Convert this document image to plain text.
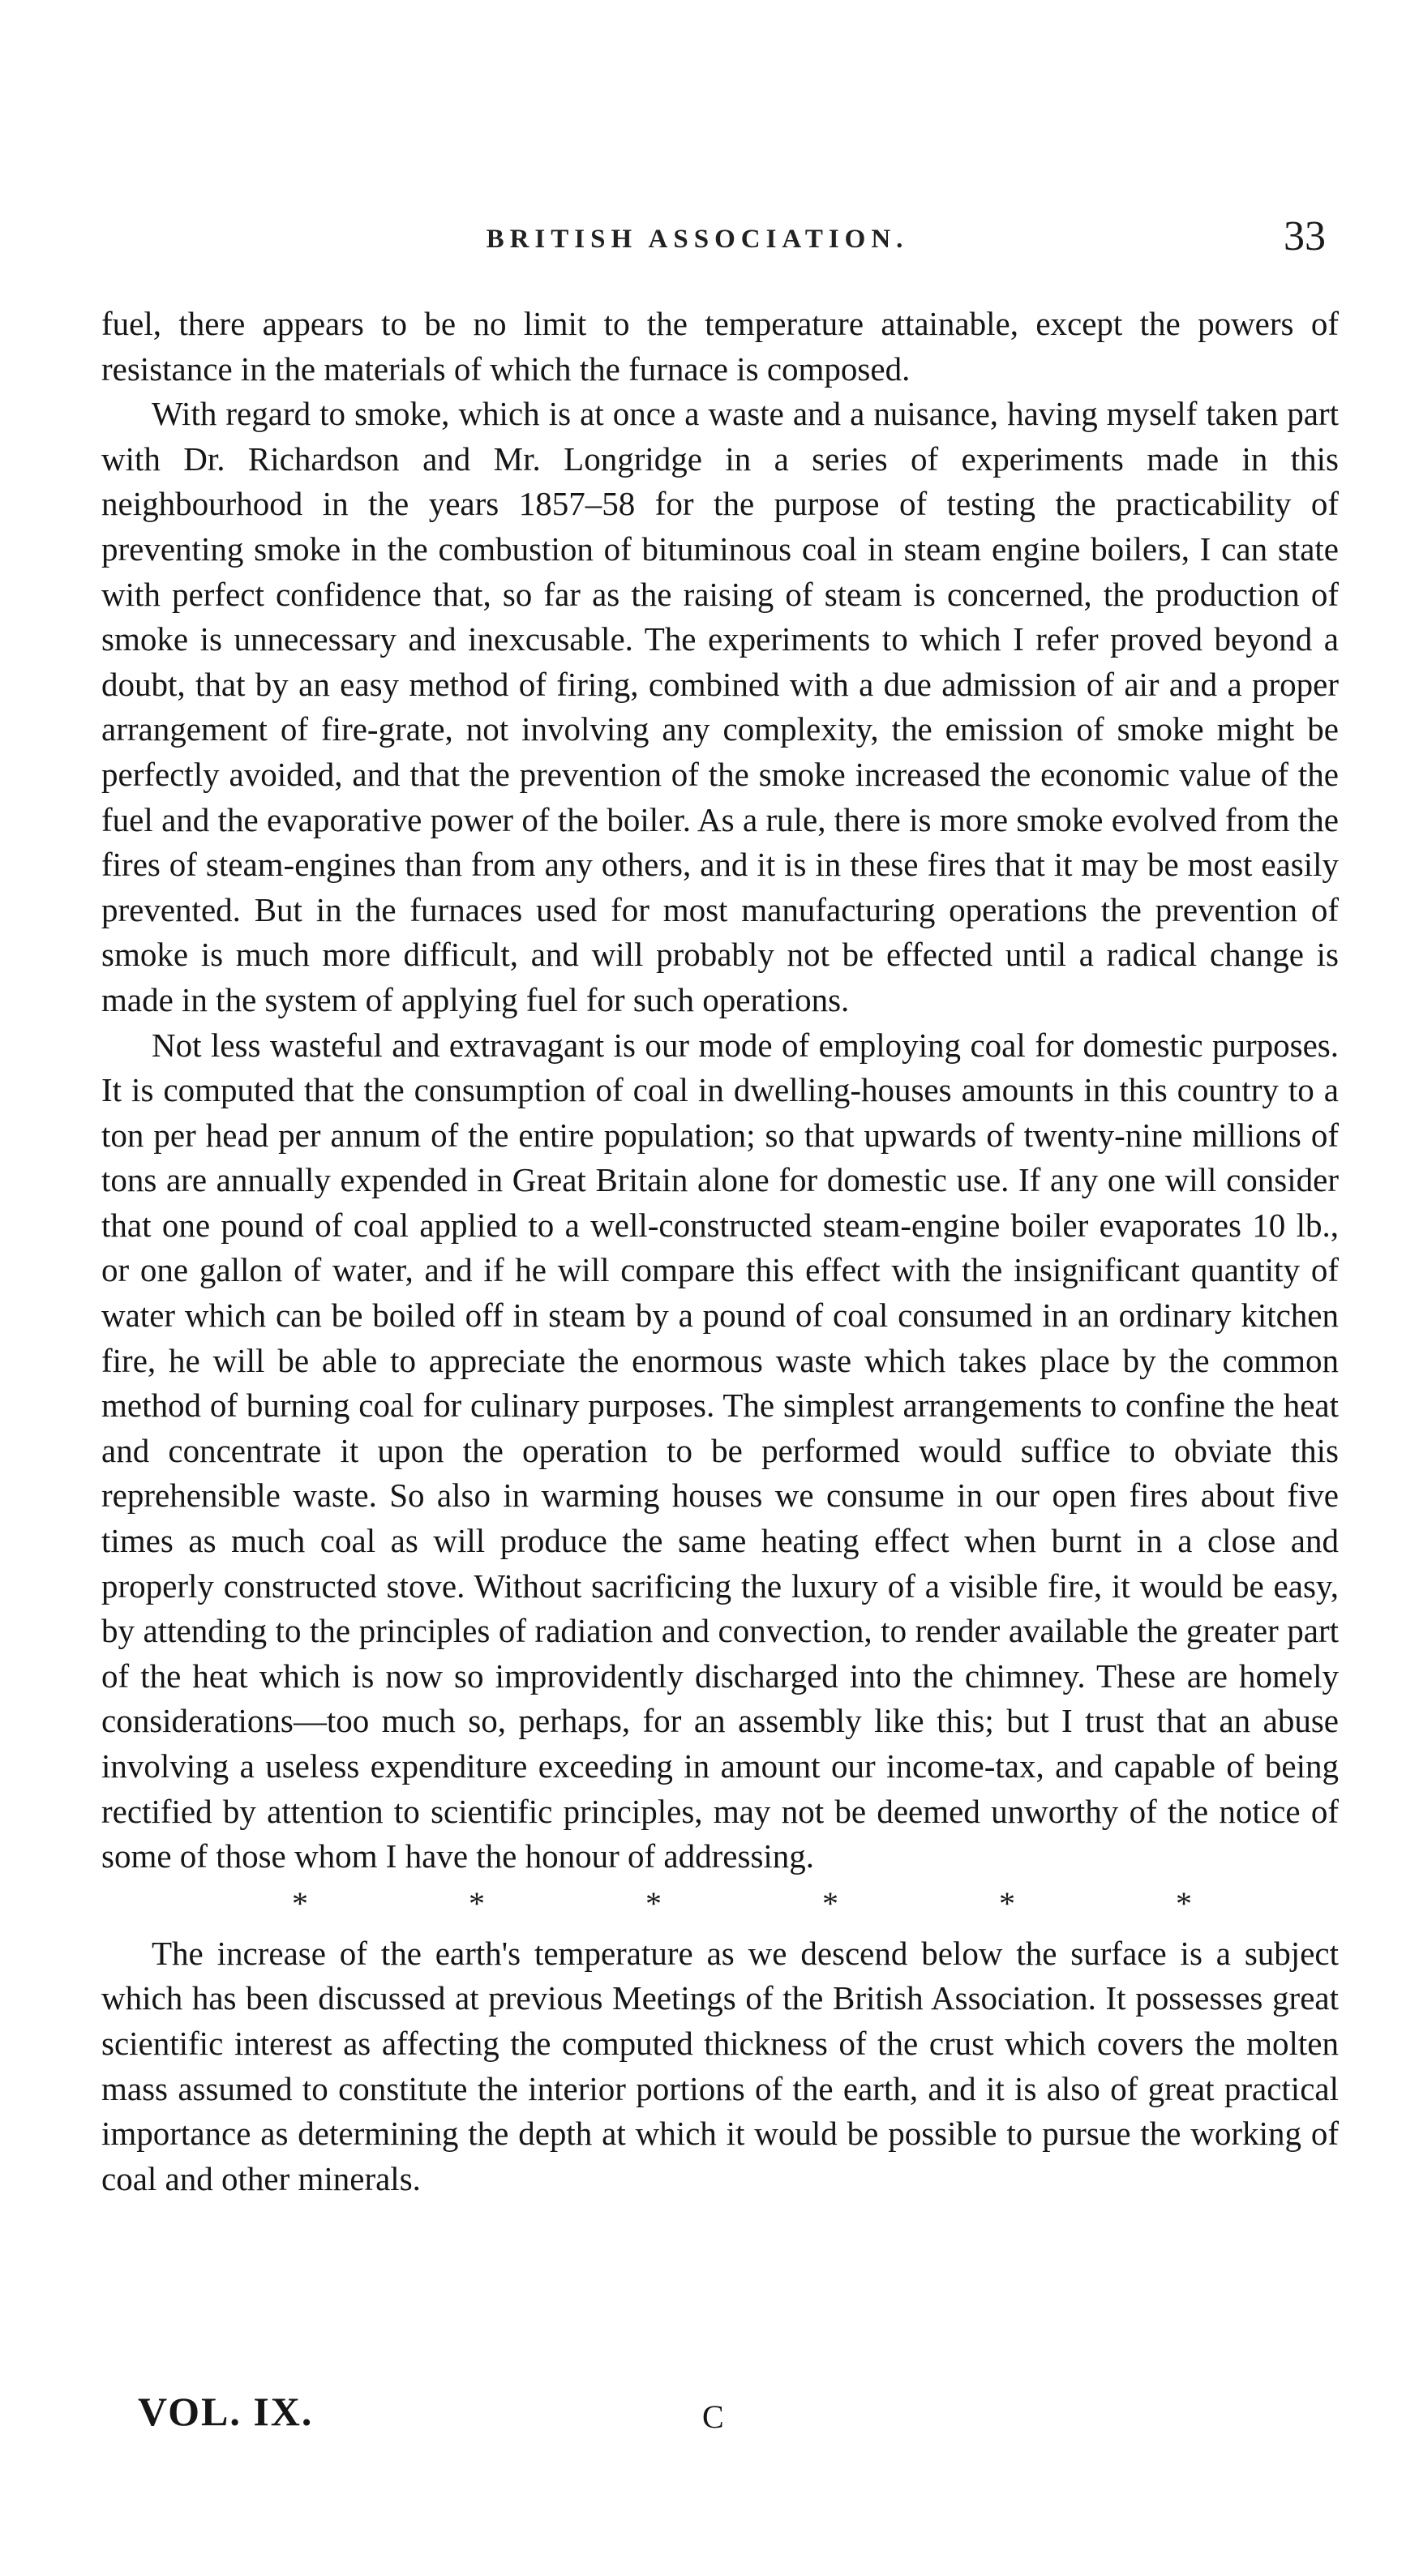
BRITISH ASSOCIATION.	33

fuel, there appears to be no limit to the temperature attainable, except the powers of resistance in the materials of which the furnace is composed.

With regard to smoke, which is at once a waste and a nuisance, having myself taken part with Dr. Richardson and Mr. Longridge in a series of experiments made in this neighbourhood in the years 1857–58 for the purpose of testing the practicability of preventing smoke in the combustion of bituminous coal in steam engine boilers, I can state with perfect confidence that, so far as the raising of steam is concerned, the production of smoke is unnecessary and inexcusable. The experiments to which I refer proved beyond a doubt, that by an easy method of firing, combined with a due admission of air and a proper arrangement of fire-grate, not involving any complexity, the emission of smoke might be perfectly avoided, and that the prevention of the smoke increased the economic value of the fuel and the evaporative power of the boiler. As a rule, there is more smoke evolved from the fires of steam-engines than from any others, and it is in these fires that it may be most easily prevented. But in the furnaces used for most manufacturing operations the prevention of smoke is much more difficult, and will probably not be effected until a radical change is made in the system of applying fuel for such operations.

Not less wasteful and extravagant is our mode of employing coal for domestic purposes. It is computed that the consumption of coal in dwelling-houses amounts in this country to a ton per head per annum of the entire population; so that upwards of twenty-nine millions of tons are annually expended in Great Britain alone for domestic use. If any one will consider that one pound of coal applied to a well-constructed steam-engine boiler evaporates 10 lb., or one gallon of water, and if he will compare this effect with the insignificant quantity of water which can be boiled off in steam by a pound of coal consumed in an ordinary kitchen fire, he will be able to appreciate the enormous waste which takes place by the common method of burning coal for culinary purposes. The simplest arrangements to confine the heat and concentrate it upon the operation to be performed would suffice to obviate this reprehensible waste. So also in warming houses we consume in our open fires about five times as much coal as will produce the same heating effect when burnt in a close and properly constructed stove. Without sacrificing the luxury of a visible fire, it would be easy, by attending to the principles of radiation and convection, to render available the greater part of the heat which is now so improvidently discharged into the chimney. These are homely considerations—too much so, perhaps, for an assembly like this; but I trust that an abuse involving a useless expenditure exceeding in amount our income-tax, and capable of being rectified by attention to scientific principles, may not be deemed unworthy of the notice of some of those whom I have the honour of addressing.

*	*	*	*	*	*

The increase of the earth's temperature as we descend below the surface is a subject which has been discussed at previous Meetings of the British Association. It possesses great scientific interest as affecting the computed thickness of the crust which covers the molten mass assumed to constitute the interior portions of the earth, and it is also of great practical importance as determining the depth at which it would be possible to pursue the working of coal and other minerals.

VOL. IX.	C
